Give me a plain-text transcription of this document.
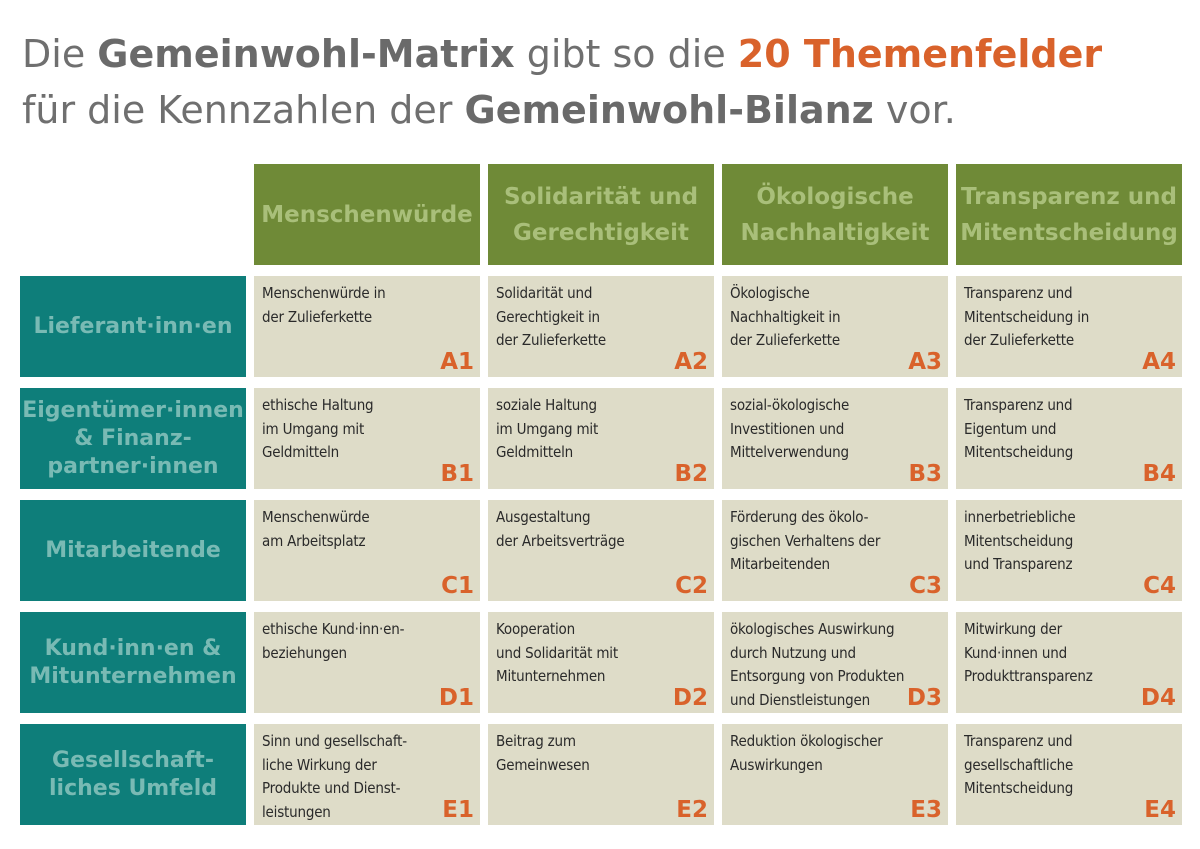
Die Gemeinwohl-Matrix gibt so die 20 Themenfelder
für die Kennzahlen der Gemeinwohl-Bilanz vor.
Menschenwürde
Solidarität und Gerechtigkeit
Ökologische Nachhaltigkeit
Transparenz und Mitentscheidung
Lieferant·inn·en
Menschenwürde in
der Zulieferkette
A1
Solidarität und
Gerechtigkeit in
der Zulieferkette
A2
Ökologische
Nachhaltigkeit in
der Zulieferkette
A3
Transparenz und
Mitentscheidung in
der Zulieferkette
A4
Eigentümer·innen
& Finanz-
partner·innen
ethische Haltung
im Umgang mit
Geldmitteln
B1
soziale Haltung
im Umgang mit
Geldmitteln
B2
sozial-ökologische
Investitionen und
Mittelverwendung
B3
Transparenz und
Eigentum und
Mitentscheidung
B4
Mitarbeitende
Menschenwürde
am Arbeitsplatz
C1
Ausgestaltung
der Arbeitsverträge
C2
Förderung des ökolo-
gischen Verhaltens der
Mitarbeitenden
C3
innerbetriebliche
Mitentscheidung
und Transparenz
C4
Kund·inn·en &
Mitunternehmen
ethische Kund·inn·en-
beziehungen
D1
Kooperation
und Solidarität mit
Mitunternehmen
D2
ökologisches Auswirkung
durch Nutzung und
Entsorgung von Produkten
und Dienstleistungen	D3
Mitwirkung der
Kund·innen und
Produkttransparenz
D4
Gesellschaft-
liches Umfeld
Sinn und gesellschaft-
liche Wirkung der
Produkte und Dienst-
leistungen	E1
Beitrag zum
Gemeinwesen
E2
Reduktion ökologischer
Auswirkungen
E3
Transparenz und
gesellschaftliche
Mitentscheidung
E4
